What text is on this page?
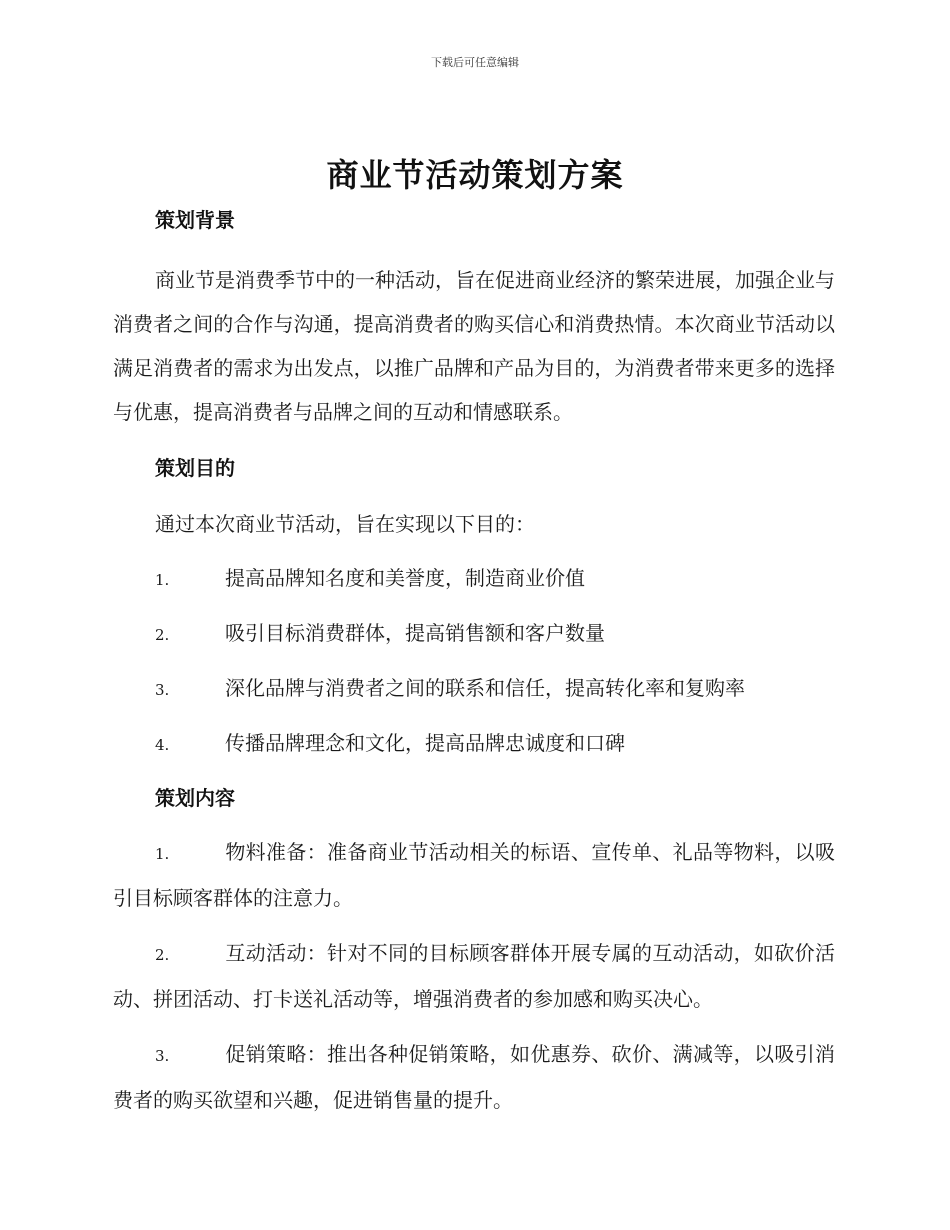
下载后可任意编辑
商业节活动策划方案
策划背景
商业节是消费季节中的一种活动，旨在促进商业经济的繁荣进展，加强企业与消费者之间的合作与沟通，提高消费者的购买信心和消费热情。本次商业节活动以满足消费者的需求为出发点，以推广品牌和产品为目的，为消费者带来更多的选择与优惠，提高消费者与品牌之间的互动和情感联系。
策划目的
通过本次商业节活动，旨在实现以下目的：
1.	提高品牌知名度和美誉度，制造商业价值
2.	吸引目标消费群体，提高销售额和客户数量
3.	深化品牌与消费者之间的联系和信任，提高转化率和复购率
4.	传播品牌理念和文化，提高品牌忠诚度和口碑
策划内容
1.	物料准备：准备商业节活动相关的标语、宣传单、礼品等物料，以吸引目标顾客群体的注意力。
2.	互动活动：针对不同的目标顾客群体开展专属的互动活动，如砍价活动、拼团活动、打卡送礼活动等，增强消费者的参加感和购买决心。
3.	促销策略：推出各种促销策略，如优惠券、砍价、满减等，以吸引消费者的购买欲望和兴趣，促进销售量的提升。
